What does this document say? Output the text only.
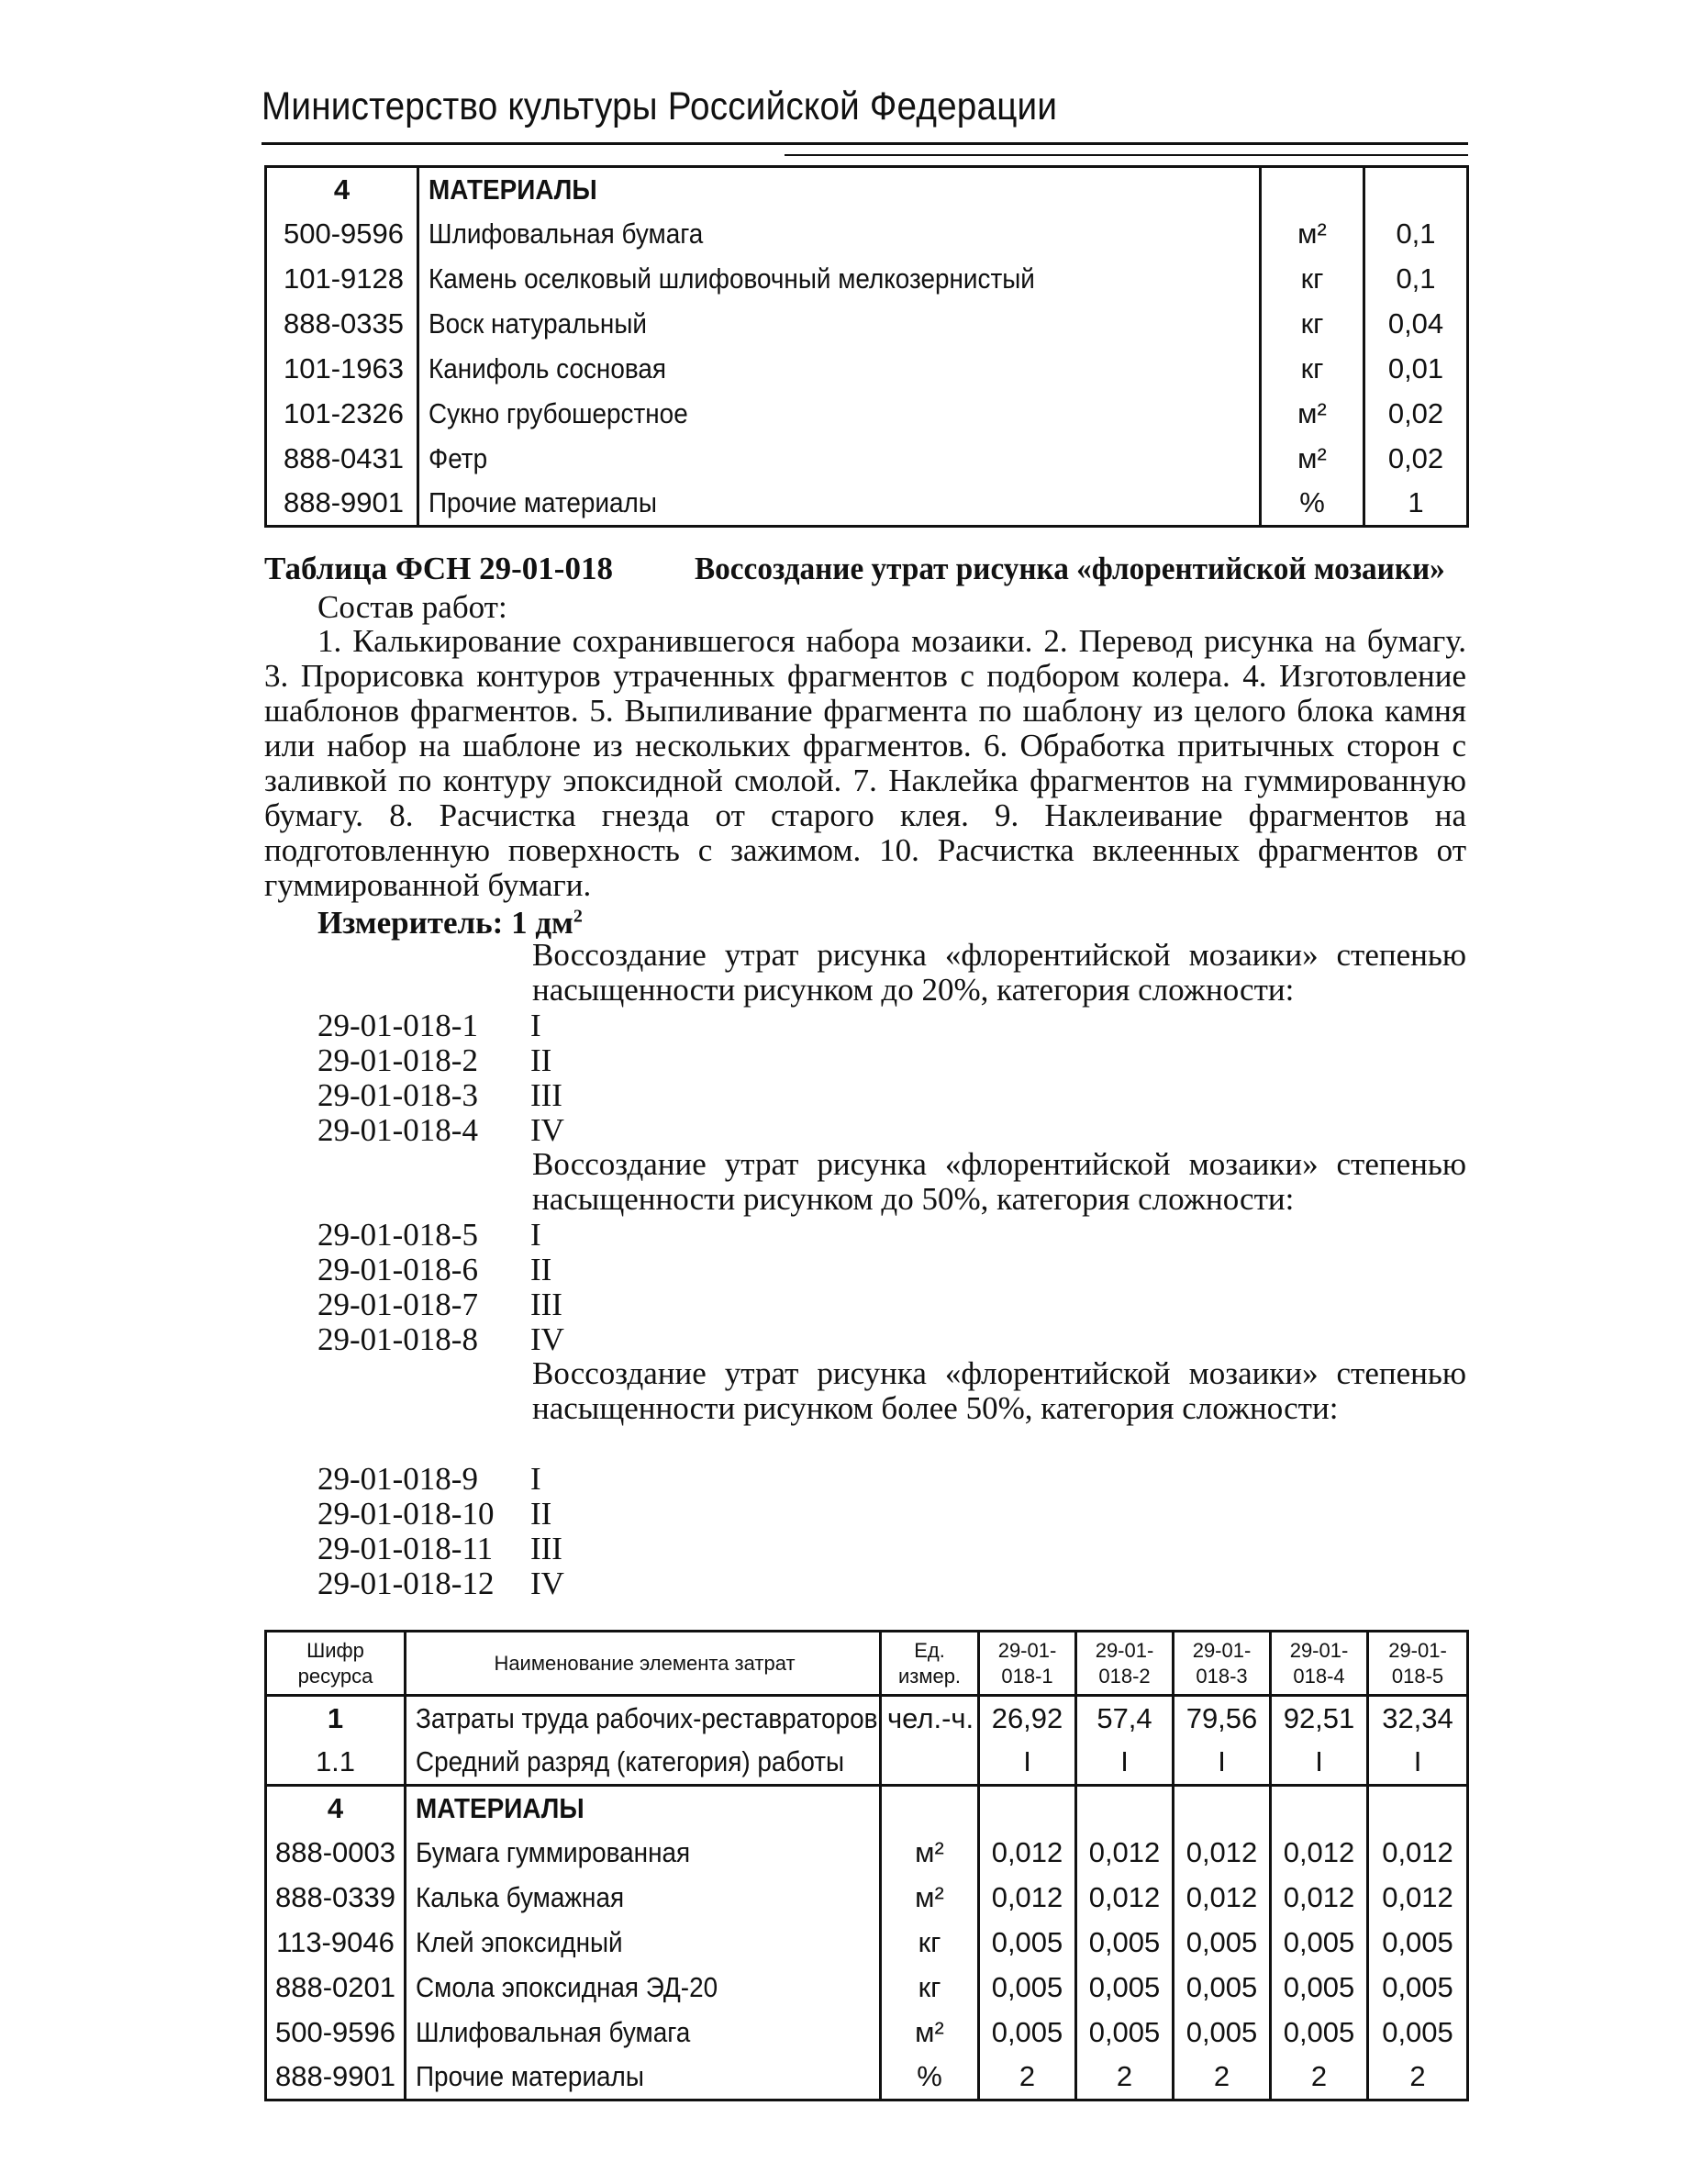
Министерство культуры Российской Федерации
4	МАТЕРИАЛЫ		
500-9596	Шлифовальная бумага	м²	0,1
101-9128	Камень оселковый шлифовочный мелкозернистый	кг	0,1
888-0335	Воск натуральный	кг	0,04
101-1963	Канифоль сосновая	кг	0,01
101-2326	Сукно грубошерстное	м²	0,02
888-0431	Фетр	м²	0,02
888-9901	Прочие материалы	%	1
Таблица ФСН 29-01-018	Воссоздание утрат рисунка «флорентийской мозаики»
Состав работ:
1. Калькирование сохранившегося набора мозаики. 2. Перевод рисунка на бумагу. 3. Прорисовка контуров утраченных фрагментов с подбором колера. 4. Изготовление шаблонов фрагментов. 5. Выпиливание фрагмента по шаблону из целого блока камня или набор на шаблоне из нескольких фрагментов. 6. Обработка притычных сторон с заливкой по контуру эпоксидной смолой. 7. Наклейка фрагментов на гуммированную бумагу. 8. Расчистка гнезда от старого клея. 9. Наклеивание фрагментов на подготовленную поверхность с зажимом. 10. Расчистка вклеенных фрагментов от гуммированной бумаги.
Измеритель: 1 $дм^2$
Воссоздание утрат рисунка «флорентийской мозаики» степенью насыщенности рисунком до 20%, категория сложности:
29-01-018-1 I
29-01-018-2 II
29-01-018-3 III
29-01-018-4 IV
Воссоздание утрат рисунка «флорентийской мозаики» степенью насыщенности рисунком до 50%, категория сложности:
29-01-018-5 I
29-01-018-6 II
29-01-018-7 III
29-01-018-8 IV
Воссоздание утрат рисунка «флорентийской мозаики» степенью насыщенности рисунком более 50%, категория сложности:
29-01-018-9 I
29-01-018-10 II
29-01-018-11 III
29-01-018-12 IV
Шифр ресурса	Наименование элемента затрат	Ед. измер.	29-01-018-1	29-01-018-2	29-01-018-3	29-01-018-4	29-01-018-5
1	Затраты труда рабочих-реставраторов	чел.-ч.	26,92	57,4	79,56	92,51	32,34
1.1	Средний разряд (категория) работы		I	I	I	I	I
4	МАТЕРИАЛЫ						
888-0003	Бумага гуммированная	м²	0,012	0,012	0,012	0,012	0,012
888-0339	Калька бумажная	м²	0,012	0,012	0,012	0,012	0,012
113-9046	Клей эпоксидный	кг	0,005	0,005	0,005	0,005	0,005
888-0201	Смола эпоксидная ЭД-20	кг	0,005	0,005	0,005	0,005	0,005
500-9596	Шлифовальная бумага	м²	0,005	0,005	0,005	0,005	0,005
888-9901	Прочие материалы	%	2	2	2	2	2
